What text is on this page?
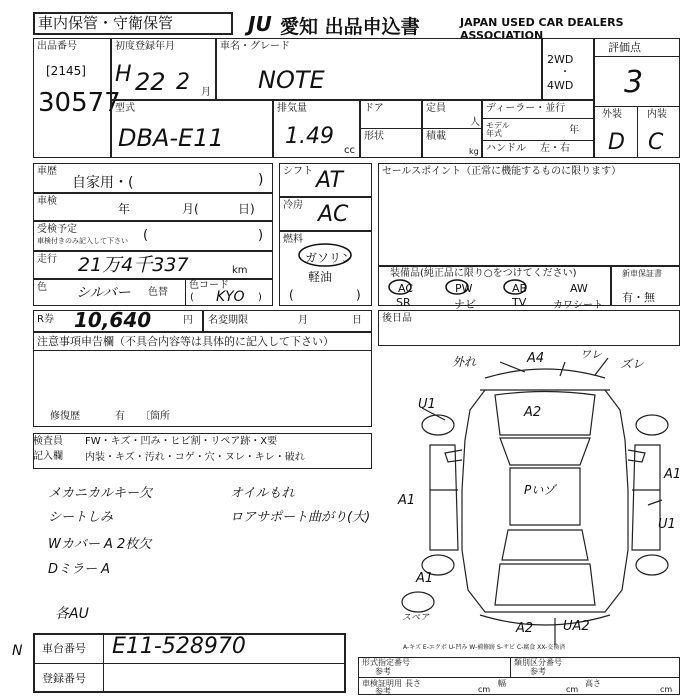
車内保管・守衛保管	JU 愛知 出品申込書	JAPAN USED CAR DEALERS ASSOCIATION
出品番号
[2145]
30577
初度登録年月
H 22 2 月
車名・グレード
NOTE
2WD
・
4WD
評価点
3
外装	内装
D C
型式
DBA-E11
排気量
1.49
cc
ドア
形状
定員
人
積載
kg
ディーラー・並行
モデル年式	年
ハンドル 左・右
車歴
自家用・(	)
車検
年	月(	日)
受検予定
車検付きのみ記入して下さい (	)
走行 21万4千337	km
色 シルバー 色替
色コード
KYO
(	)
シフト AT
冷房 AC
燃料
ガソリン
軽油
(	)
セールスポイント（正常に機能するものに限ります）
装備品(純正品に限り○をつけてください)
AC	PW	AB	AW
SR	ナビ	TV	カワシート
新車保証書
有・無
R券 10,640	円 名変期限	月	日 後日品
注意事項申告欄（不具合内容等は具体的に記入して下さい）
修復歴	有 〔箇所
検査員
記入欄
FW・キズ・凹み・ヒビ割・リペア跡・X要
内装・キズ・汚れ・コゲ・穴・ヌレ・キレ・破れ
メカニカルキー欠	オイルもれ
シートしみ	ロアサポート曲がり(大)
Wカバー A 2枚欠
Dミラー A
各AU
N
外れ	A4	ワレ
ズレ
U1
A2
Pいゾ
A1
A1
U1
A1
スペア
A2 UA2
A-キズ E-エクボ U-凹み W-補修跡 S-サビ C-腐食 XX-交換済
車台番号 E11-528970
登録番号
形式指定番号
参考
類別区分番号
参考
車検証明用
参考
長さ
cm
幅
cm
高さ
cm
